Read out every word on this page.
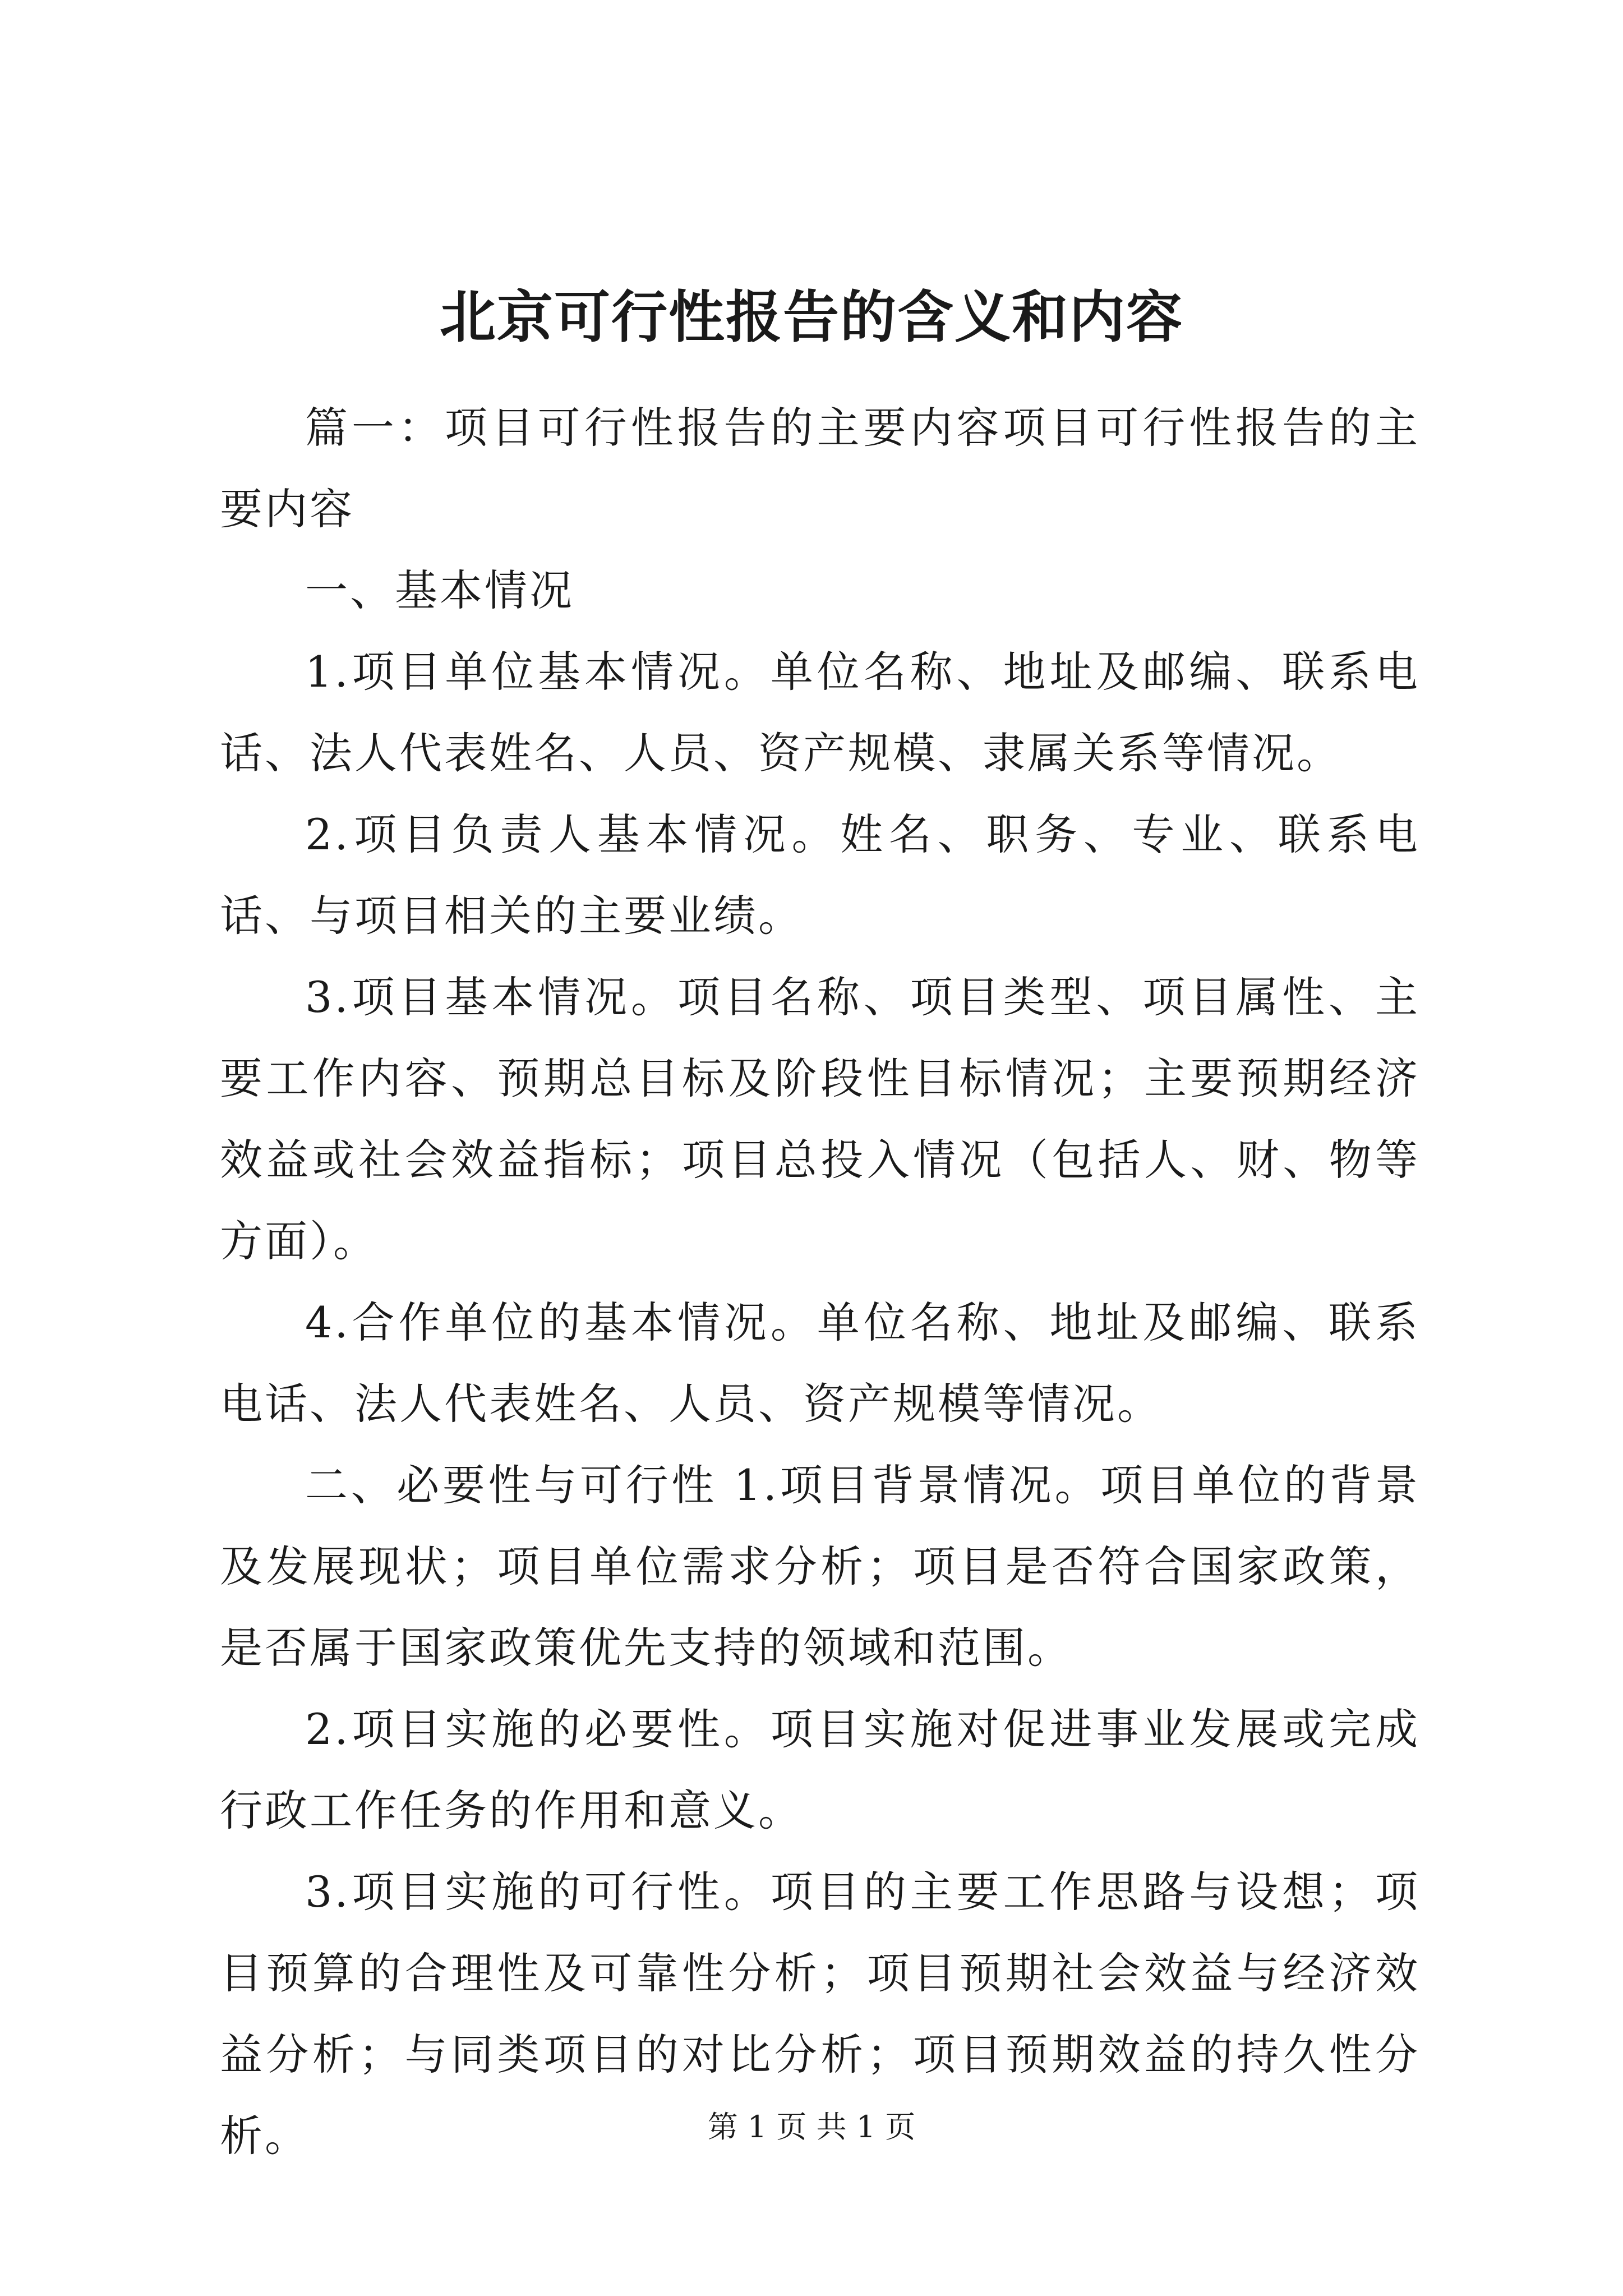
北京可行性报告的含义和内容

篇一：项目可行性报告的主要内容项目可行性报告的主要内容

一、基本情况

1.项目单位基本情况。单位名称、地址及邮编、联系电话、法人代表姓名、人员、资产规模、隶属关系等情况。

2.项目负责人基本情况。姓名、职务、专业、联系电话、与项目相关的主要业绩。

3.项目基本情况。项目名称、项目类型、项目属性、主要工作内容、预期总目标及阶段性目标情况；主要预期经济效益或社会效益指标；项目总投入情况（包括人、财、物等方面）。

4.合作单位的基本情况。单位名称、地址及邮编、联系电话、法人代表姓名、人员、资产规模等情况。

二、必要性与可行性 1.项目背景情况。项目单位的背景及发展现状；项目单位需求分析；项目是否符合国家政策，是否属于国家政策优先支持的领域和范围。

2.项目实施的必要性。项目实施对促进事业发展或完成行政工作任务的作用和意义。

3.项目实施的可行性。项目的主要工作思路与设想；项目预算的合理性及可靠性分析；项目预期社会效益与经济效益分析；与同类项目的对比分析；项目预期效益的持久性分析。	第 1 页 共 1 页
